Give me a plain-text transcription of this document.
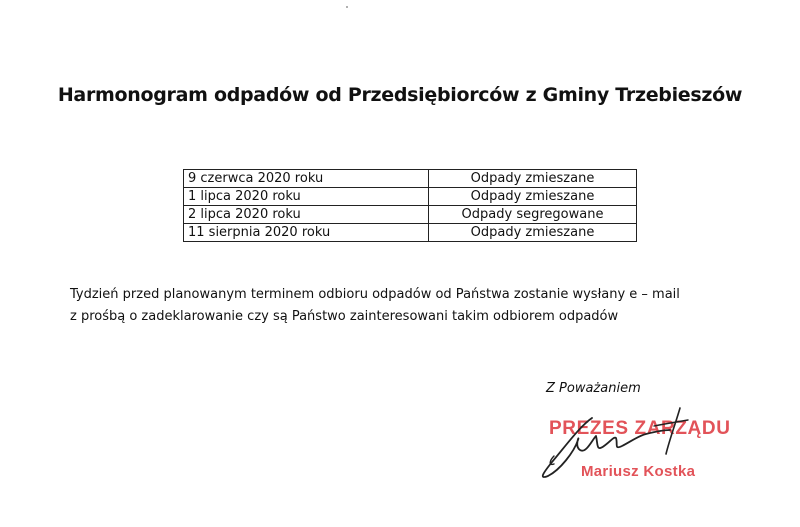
Harmonogram odpadów od Przedsiębiorców z Gminy Trzebieszów
9 czerwca 2020 roku	Odpady zmieszane
1 lipca 2020 roku	Odpady zmieszane
2 lipca 2020 roku	Odpady segregowane
11 sierpnia 2020 roku	Odpady zmieszane

Tydzień przed planowanym terminem odbioru odpadów od Państwa zostanie wysłany e – mail
z prośbą o zadeklarowanie czy są Państwo zainteresowani takim odbiorem odpadów

Z Poważaniem
PREZES ZARZĄDU
Mariusz Kostka
